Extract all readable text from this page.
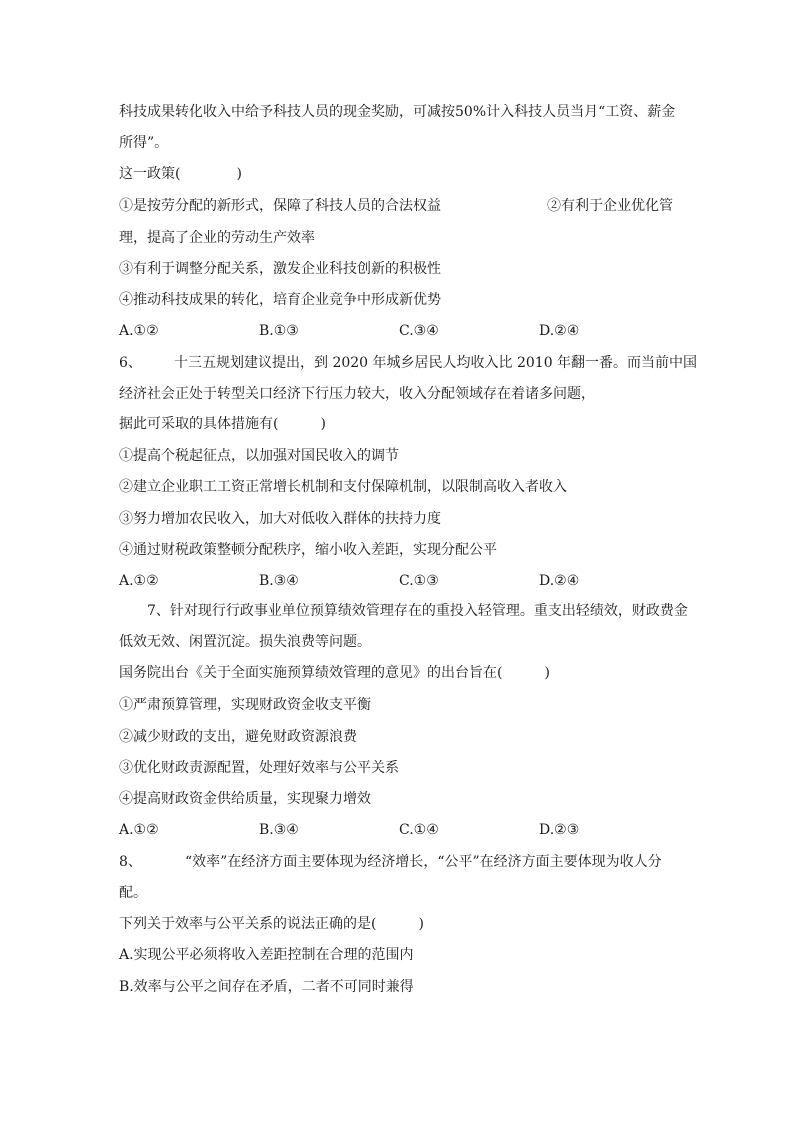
科技成果转化收入中给予科技人员的现金奖励，可减按50%计入科技人员当月“工资、薪金
所得”。
这一政策(　　　　)
①是按劳分配的新形式，保障了科技人员的合法权益	②有利于企业优化管
理，提高了企业的劳动生产效率
③有利于调整分配关系，激发企业科技创新的积极性
④推动科技成果的转化，培育企业竞争中形成新优势
A.①②	B.①③	C.③④	D.②④
6、 十三五规划建议提出，到 2020 年城乡居民人均收入比 2010 年翻一番。而当前中国
经济社会正处于转型关口经济下行压力较大，收入分配领域存在着诸多问题，
据此可采取的具体措施有(　　　)
①提高个税起征点，以加强对国民收入的调节
②建立企业职工工资正常增长机制和支付保障机制，以限制高收入者收入
③努力增加农民收入，加大对低收入群体的扶持力度
④通过财税政策整顿分配秩序，缩小收入差距，实现分配公平
A.①②	B.③④	C.①③	D.②④
7、针对现行行政事业单位预算绩效管理存在的重投入轻管理。重支出轻绩效，财政费金
低效无效、闲置沉淀。损失浪费等问题。
国务院出台《关于全面实施预算绩效管理的意见》的出台旨在(　　　)
①严肃预算管理，实现财政资金收支平衡
②减少财政的支出，避免财政资源浪费
③优化财政责源配置，处理好效率与公平关系
④提高财政资金供给质量，实现聚力增效
A.①②	B.③④	C.①④	D.②③
8、	“效率”在经济方面主要体现为经济增长，“公平”在经济方面主要体现为收人分
配。
下列关于效率与公平关系的说法正确的是(　　　)
A.实现公平必须将收入差距控制在合理的范围内
B.效率与公平之间存在矛盾，二者不可同时兼得
